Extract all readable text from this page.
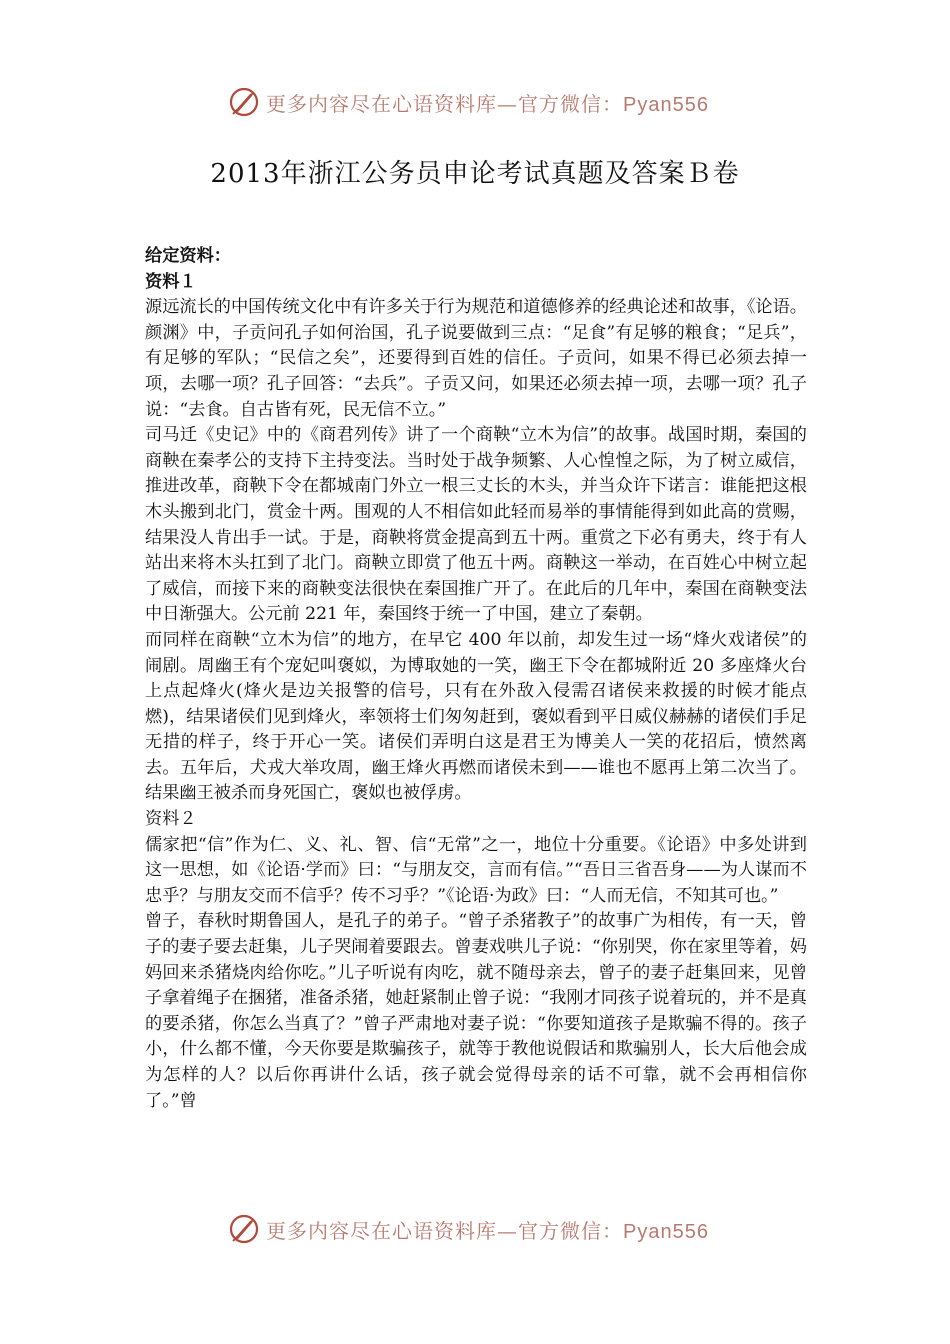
更多内容尽在心语资料库—官方微信：Pyan556
2013年浙江公务员申论考试真题及答案Ｂ卷

给定资料：

资料１

源远流长的中国传统文化中有许多关于行为规范和道德修养的经典论述和故事，《论语。颜渊》中，子贡问孔子如何治国，孔子说要做到三点：“足食”有足够的粮食；“足兵”，有足够的军队；“民信之矣”，还要得到百姓的信任。子贡问，如果不得已必须去掉一项，去哪一项？孔子回答：“去兵”。子贡又问，如果还必须去掉一项，去哪一项？孔子说：“去食。自古皆有死，民无信不立。”

司马迁《史记》中的《商君列传》讲了一个商鞅“立木为信”的故事。战国时期，秦国的商鞅在秦孝公的支持下主持变法。当时处于战争频繁、人心惶惶之际，为了树立威信，推进改革，商鞅下令在都城南门外立一根三丈长的木头，并当众许下诺言：谁能把这根木头搬到北门，赏金十两。围观的人不相信如此轻而易举的事情能得到如此高的赏赐，结果没人肯出手一试。于是，商鞅将赏金提高到五十两。重赏之下必有勇夫，终于有人站出来将木头扛到了北门。商鞅立即赏了他五十两。商鞅这一举动，在百姓心中树立起了威信，而接下来的商鞅变法很快在秦国推广开了。在此后的几年中，秦国在商鞅变法中日渐强大。公元前 221 年，秦国终于统一了中国，建立了秦朝。

而同样在商鞅“立木为信”的地方，在早它 400 年以前，却发生过一场“烽火戏诸侯”的闹剧。周幽王有个宠妃叫褒姒，为博取她的一笑，幽王下令在都城附近 20 多座烽火台上点起烽火(烽火是边关报警的信号，只有在外敌入侵需召诸侯来救援的时候才能点燃)，结果诸侯们见到烽火，率领将士们匆匆赶到，褒姒看到平日威仪赫赫的诸侯们手足无措的样子，终于开心一笑。诸侯们弄明白这是君王为博美人一笑的花招后，愤然离去。五年后，犬戎大举攻周，幽王烽火再燃而诸侯未到——谁也不愿再上第二次当了。结果幽王被杀而身死国亡，褒姒也被俘虏。

资料２

儒家把“信”作为仁、义、礼、智、信“无常”之一，地位十分重要。《论语》中多处讲到这一思想，如《论语·学而》曰：“与朋友交，言而有信。”“吾日三省吾身——为人谋而不忠乎？与朋友交而不信乎？传不习乎？”《论语·为政》曰：“人而无信，不知其可也。”

曾子，春秋时期鲁国人，是孔子的弟子。“曾子杀猪教子”的故事广为相传，有一天，曾子的妻子要去赶集，儿子哭闹着要跟去。曾妻戏哄儿子说：“你别哭，你在家里等着，妈妈回来杀猪烧肉给你吃。”儿子听说有肉吃，就不随母亲去，曾子的妻子赶集回来，见曾子拿着绳子在捆猪，准备杀猪，她赶紧制止曾子说：“我刚才同孩子说着玩的，并不是真的要杀猪，你怎么当真了？”曾子严肃地对妻子说：“你要知道孩子是欺骗不得的。孩子小，什么都不懂，今天你要是欺骗孩子，就等于教他说假话和欺骗别人，长大后他会成为怎样的人？以后你再讲什么话，孩子就会觉得母亲的话不可靠，就不会再相信你了。”曾

更多内容尽在心语资料库—官方微信：Pyan556
